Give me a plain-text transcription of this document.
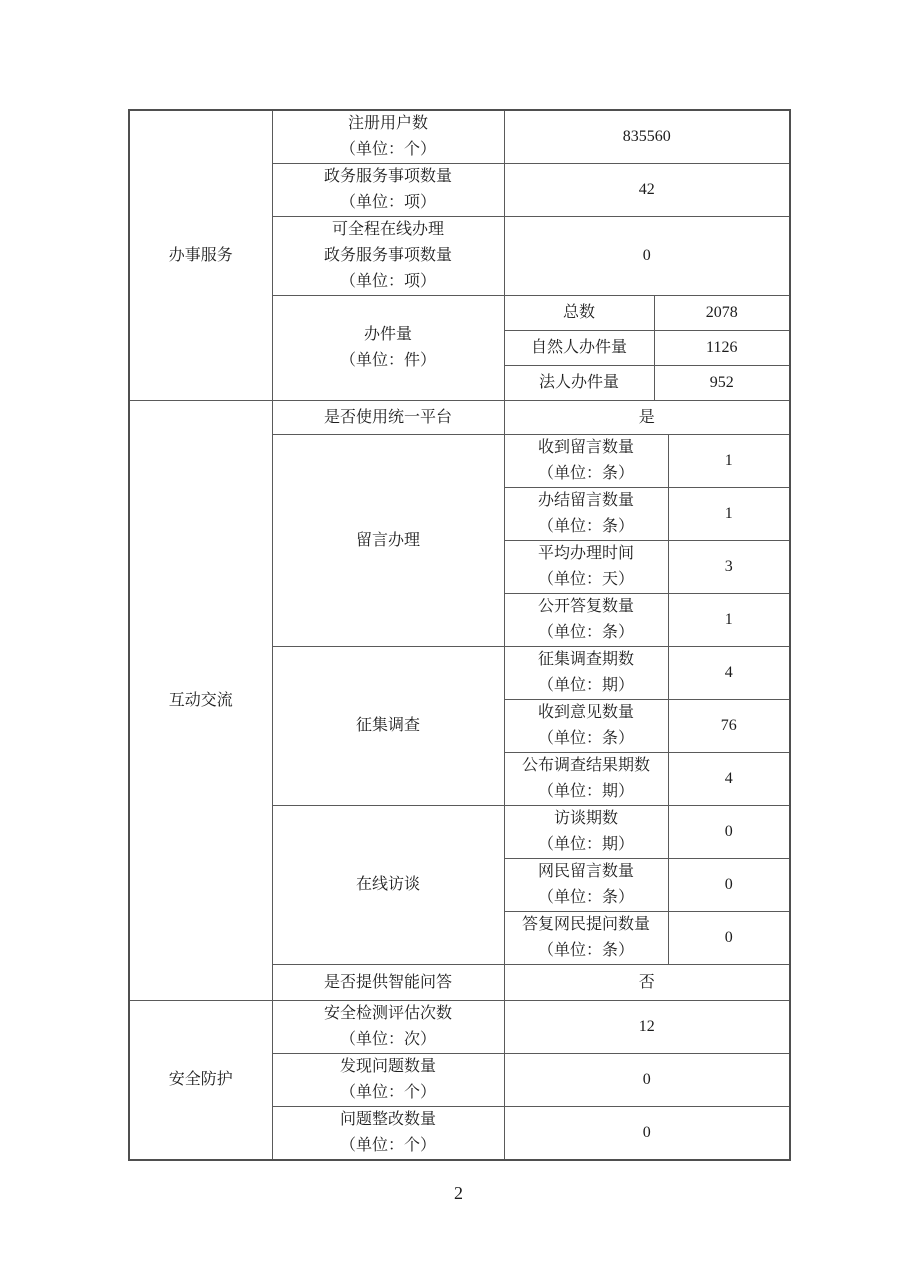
办事服务	注册用户数
（单位：个）	835560		

	政务服务事项数量
（单位：项）	42		

	可全程在线办理
政务服务事项数量
（单位：项）	0		

	办件量
（单位：件）	总数	2078	
		自然人办件量	1126	
		法人办件量	952	

互动交流	是否使用统一平台	是		
	留言办理	收到留言数量
（单位：条）		1

		办结留言数量
（单位：条）		1

		平均办理时间
（单位：天）		3

		公开答复数量
（单位：条）		1
	征集调查	征集调查期数
（单位：期）		4

		收到意见数量
（单位：条）		76

		公布调查结果期数
（单位：期）		4
	在线访谈	访谈期数
（单位：期）		0

		网民留言数量
（单位：条）		0

		答复网民提问数量
（单位：条）		0
	是否提供智能问答	否		

安全防护	安全检测评估次数
（单位：次）	12		

	发现问题数量
（单位：个）	0		

	问题整改数量
（单位：个）	0		
2
